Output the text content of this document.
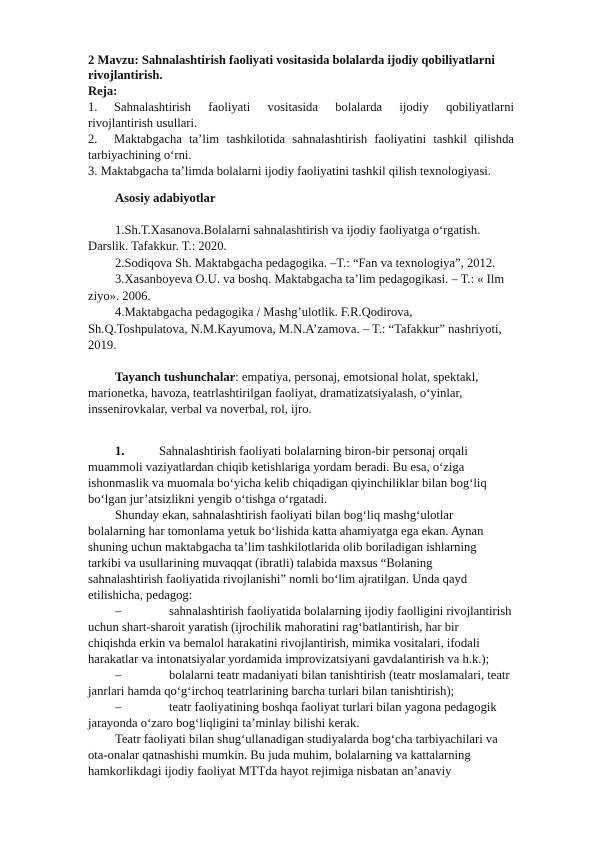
2 Mavzu: Sahnalashtirish faoliyati vositasida bolalarda ijodiy qobiliyatlarni
rivojlantirish.
Reja:
1. Sahnalashtirish faoliyati vositasida bolalarda ijodiy qobiliyatlarni
rivojlantirish usullari.
2. Maktabgacha ta’lim tashkilotida sahnalashtirish faoliyatini tashkil qilishda
tarbiyachining o‘rni.
3. Maktabgacha ta’limda bolalarni ijodiy faoliyatini tashkil qilish texnologiyasi.
Asosiy adabiyotlar
1.Sh.T.Xasanova.Bolalarni sahnalashtirish va ijodiy faoliyatga o‘rgatish.
Darslik. Tafakkur. T.: 2020.
2.Sodiqova Sh. Maktabgacha pedagogika. –T.: “Fan va texnologiya”, 2012.
3.Xasanboyeva O.U. va boshq. Maktabgacha ta’lim pedagogikasi. – T.: « Ilm
ziyo». 2006.
4.Maktabgacha pedagogika / Mashg’ulotlik. F.R.Qodirova,
Sh.Q.Toshpulatova, N.M.Kayumova, M.N.A’zamova. – T.: “Tafakkur” nashriyoti,
2019.
Tayanch tushunchalar: empatiya, personaj, emotsional holat, spektakl,
marionetka, havoza, teatrlashtirilgan faoliyat, dramatizatsiyalash, o‘yinlar,
inssenirovkalar, verbal va noverbal, rol, ijro.
1.	Sahnalashtirish faoliyati bolalarning biron-bir personaj orqali
muammoli vaziyatlardan chiqib ketishlariga yordam beradi. Bu esa, o‘ziga
ishonmaslik va muomala bo‘yicha kelib chiqadigan qiyinchiliklar bilan bog‘liq
bo‘lgan jur’atsizlikni yengib o‘tishga o‘rgatadi.
Shunday ekan, sahnalashtirish faoliyati bilan bog‘liq mashg‘ulotlar
bolalarning har tomonlama yetuk bo‘lishida katta ahamiyatga ega ekan. Aynan
shuning uchun maktabgacha ta’lim tashkilotlarida olib boriladigan ishlarning
tarkibi va usullarining muvaqqat (ibratli) talabida maxsus “Bolaning
sahnalashtirish faoliyatida rivojlanishi” nomli bo‘lim ajratilgan. Unda qayd
etilishicha, pedagog:
–	sahnalashtirish faoliyatida bolalarning ijodiy faolligini rivojlantirish
uchun shart-sharoit yaratish (ijrochilik mahoratini rag‘batlantirish, har bir
chiqishda erkin va bemalol harakatini rivojlantirish, mimika vositalari, ifodali
harakatlar va intonatsiyalar yordamida improvizatsiyani gavdalantirish va h.k.);
–	bolalarni teatr madaniyati bilan tanishtirish (teatr moslamalari, teatr
janrlari hamda qo‘g‘irchoq teatrlarining barcha turlari bilan tanishtirish);
–	teatr faoliyatining boshqa faoliyat turlari bilan yagona pedagogik
jarayonda o‘zaro bog‘liqligini ta’minlay bilishi kerak.
Teatr faoliyati bilan shug‘ullanadigan studiyalarda bog‘cha tarbiyachilari va
ota-onalar qatnashishi mumkin. Bu juda muhim, bolalarning va kattalarning
hamkorlikdagi ijodiy faoliyat MTTda hayot rejimiga nisbatan an’anaviy
